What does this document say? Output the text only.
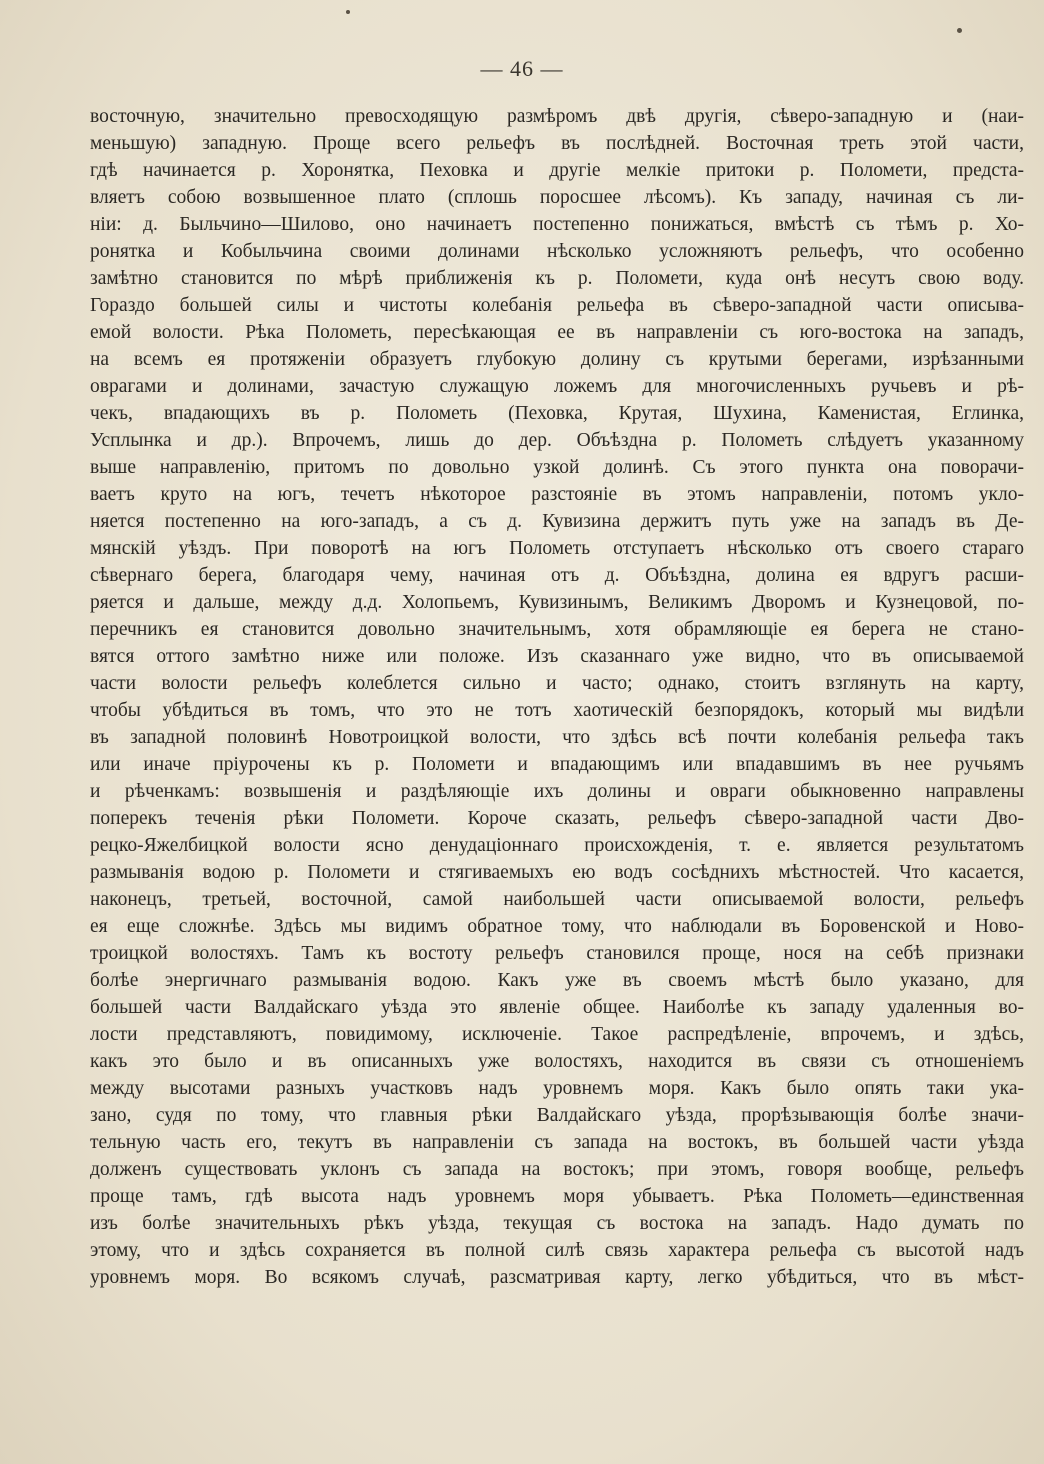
— 46 —
восточную, значительно превосходящую размѣромъ двѣ другія, сѣверо-западную и (наи-
меньшую) западную. Проще всего рельефъ въ послѣдней. Восточная треть этой части,
гдѣ начинается р. Хоронятка, Пеховка и другіе мелкіе притоки р. Поломети, предста-
вляетъ собою возвышенное плато (сплошь поросшее лѣсомъ). Къ западу, начиная съ ли-
ніи: д. Быльчино—Шилово, оно начинаетъ постепенно понижаться, вмѣстѣ съ тѣмъ р. Хо-
ронятка и Кобыльчина своими долинами нѣсколько усложняютъ рельефъ, что особенно
замѣтно становится по мѣрѣ приближенія къ р. Поломети, куда онѣ несутъ свою воду.
Гораздо большей силы и чистоты колебанія рельефа въ сѣверо-западной части описыва-
емой волости. Рѣка Полометь, пересѣкающая ее въ направленіи съ юго-востока на западъ,
на всемъ ея протяженіи образуетъ глубокую долину съ крутыми берегами, изрѣзанными
оврагами и долинами, зачастую служащую ложемъ для многочисленныхъ ручьевъ и рѣ-
чекъ, впадающихъ въ р. Полометь (Пеховка, Крутая, Шухина, Каменистая, Еглинка,
Усплынка и др.). Впрочемъ, лишь до дер. Объѣздна р. Полометь слѣдуетъ указанному
выше направленію, притомъ по довольно узкой долинѣ. Съ этого пункта она поворачи-
ваетъ круто на югъ, течетъ нѣкоторое разстояніе въ этомъ направленіи, потомъ укло-
няется постепенно на юго-западъ, а съ д. Кувизина держитъ путь уже на западъ въ Де-
мянскій уѣздъ. При поворотѣ на югъ Полометь отступаетъ нѣсколько отъ своего стараго
сѣвернаго берега, благодаря чему, начиная отъ д. Объѣздна, долина ея вдругъ расши-
ряется и дальше, между д.д. Холопьемъ, Кувизинымъ, Великимъ Дворомъ и Кузнецовой, по-
перечникъ ея становится довольно значительнымъ, хотя обрамляющіе ея берега не стано-
вятся оттого замѣтно ниже или положе. Изъ сказаннаго уже видно, что въ описываемой
части волости рельефъ колеблется сильно и часто; однако, стоитъ взглянуть на карту,
чтобы убѣдиться въ томъ, что это не тотъ хаотическій безпорядокъ, который мы видѣли
въ западной половинѣ Новотроицкой волости, что здѣсь всѣ почти колебанія рельефа такъ
или иначе пріурочены къ р. Поломети и впадающимъ или впадавшимъ въ нее ручьямъ
и рѣченкамъ: возвышенія и раздѣляющіе ихъ долины и овраги обыкновенно направлены
поперекъ теченія рѣки Поломети. Короче сказать, рельефъ сѣверо-западной части Дво-
рецко-Яжелбицкой волости ясно денудаціоннаго происхожденія, т. е. является результатомъ
размыванія водою р. Поломети и стягиваемыхъ ею водъ сосѣднихъ мѣстностей. Что касается,
наконецъ, третьей, восточной, самой наибольшей части описываемой волости, рельефъ
ея еще сложнѣе. Здѣсь мы видимъ обратное тому, что наблюдали въ Боровенской и Ново-
троицкой волостяхъ. Тамъ къ востоту рельефъ становился проще, нося на себѣ признаки
болѣе энергичнаго размыванія водою. Какъ уже въ своемъ мѣстѣ было указано, для
большей части Валдайскаго уѣзда это явленіе общее. Наиболѣе къ западу удаленныя во-
лости представляютъ, повидимому, исключеніе. Такое распредѣленіе, впрочемъ, и здѣсь,
какъ это было и въ описанныхъ уже волостяхъ, находится въ связи съ отношеніемъ
между высотами разныхъ участковъ надъ уровнемъ моря. Какъ было опять таки ука-
зано, судя по тому, что главныя рѣки Валдайскаго уѣзда, прорѣзывающія болѣе значи-
тельную часть его, текутъ въ направленіи съ запада на востокъ, въ большей части уѣзда
долженъ существовать уклонъ съ запада на востокъ; при этомъ, говоря вообще, рельефъ
проще тамъ, гдѣ высота надъ уровнемъ моря убываетъ. Рѣка Полометь—единственная
изъ болѣе значительныхъ рѣкъ уѣзда, текущая съ востока на западъ. Надо думать по
этому, что и здѣсь сохраняется въ полной силѣ связь характера рельефа съ высотой надъ
уровнемъ моря. Во всякомъ случаѣ, разсматривая карту, легко убѣдиться, что въ мѣст-
